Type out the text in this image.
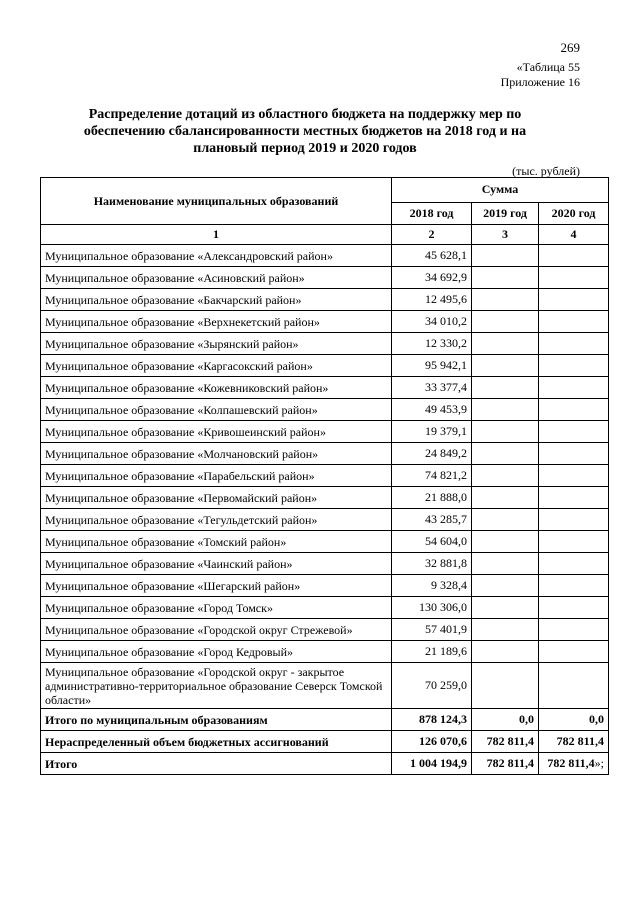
269
«Таблица 55
Приложение 16
Распределение дотаций из областного бюджета на поддержку мер по
обеспечению сбалансированности местных бюджетов на 2018 год и на
плановый период 2019 и 2020 годов
(тыс. рублей)
Наименование муниципальных образований	Сумма		
	2018 год	2019 год	2020 год
1	2	3	4
Муниципальное образование «Александровский район»	45 628,1		
Муниципальное образование «Асиновский район»	34 692,9		
Муниципальное образование «Бакчарский район»	12 495,6		
Муниципальное образование «Верхнекетский район»	34 010,2		
Муниципальное образование «Зырянский район»	12 330,2		
Муниципальное образование «Каргасокский район»	95 942,1		
Муниципальное образование «Кожевниковский район»	33 377,4		
Муниципальное образование «Колпашевский район»	49 453,9		
Муниципальное образование «Кривошеинский район»	19 379,1		
Муниципальное образование «Молчановский район»	24 849,2		
Муниципальное образование «Парабельский район»	74 821,2		
Муниципальное образование «Первомайский район»	21 888,0		
Муниципальное образование «Тегульдетский район»	43 285,7		
Муниципальное образование «Томский район»	54 604,0		
Муниципальное образование «Чаинский район»	32 881,8		
Муниципальное образование «Шегарский район»	9 328,4		
Муниципальное образование «Город Томск»	130 306,0		
Муниципальное образование «Городской округ Стрежевой»	57 401,9		
Муниципальное образование «Город Кедровый»	21 189,6		
Муниципальное образование «Городской округ - закрытое административно-территориальное образование Северск Томской области»	70 259,0		
Итого по муниципальным образованиям	878 124,3	0,0	0,0
Нераспределенный объем бюджетных ассигнований	126 070,6	782 811,4	782 811,4
Итого	1 004 194,9	782 811,4	782 811,4»;
